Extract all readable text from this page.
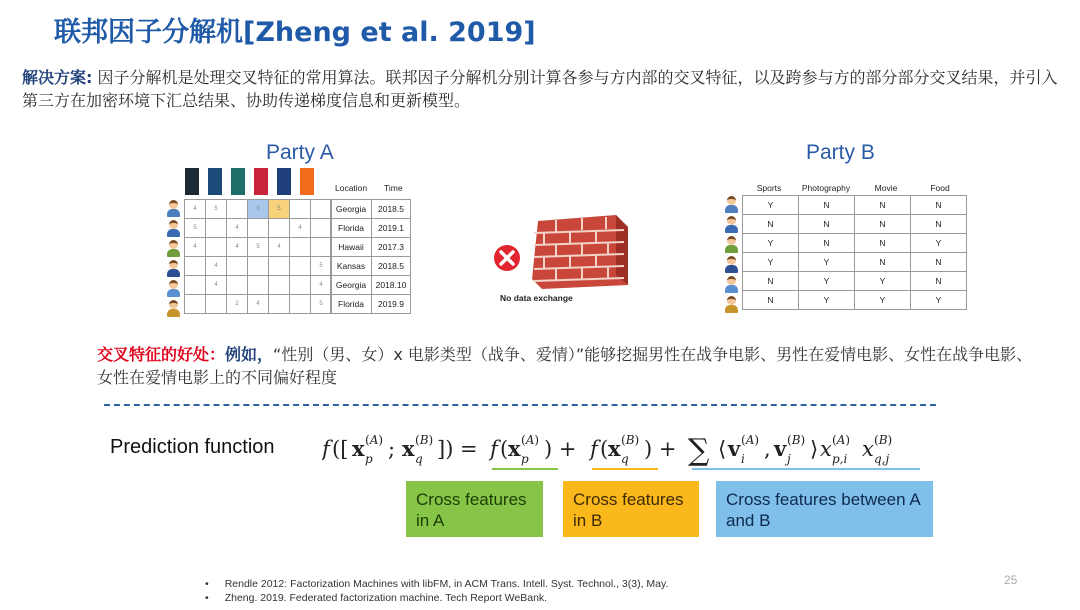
联邦因子分解机[Zheng et al. 2019]
解决方案: 因子分解机是处理交叉特征的常用算法。联邦因子分解机分别计算各参与方内部的交叉特征，以及跨参与方的部分部分交叉结果，并引入第三方在加密环境下汇总结果、协助传递梯度信息和更新模型。
Party A	Party B
4	5		3	5		
5		4			4	
4		4	5	4		
	4					5
	4					4
		2	4			5
Location Time
Georgia	2018.5
Florida	2019.1
Hawaii	2017.3
Kansas	2018.5
Georgia	2018.10
Florida	2019.9
No data exchange
Sports	Photography	Movie	Food
Y	N	N	N
N	N	N	N
Y	N	N	Y
Y	Y	N	N
N	Y	Y	N
N	Y	Y	Y
交叉特征的好处：例如，“性别（男、女）x 电影类型（战争、爱情）”能够挖掘男性在战争电影、男性在爱情电影、女性在战争电影、女性在爱情电影上的不同偏好程度
Prediction function f ([ x p
(A) ; x q
(B) ]) = f ( x p
(A) ) + f ( x q
(B) ) + ∑ ⟨ v i
(A) , v j
(B) ⟩ x p,i
(A) x q,j
(B)
Cross features in A
Cross features in B
Cross features between A and B
• Rendle 2012: Factorization Machines with libFM, in ACM Trans. Intell. Syst. Technol., 3(3), May.
• Zheng. 2019. Federated factorization machine. Tech Report WeBank.
25
